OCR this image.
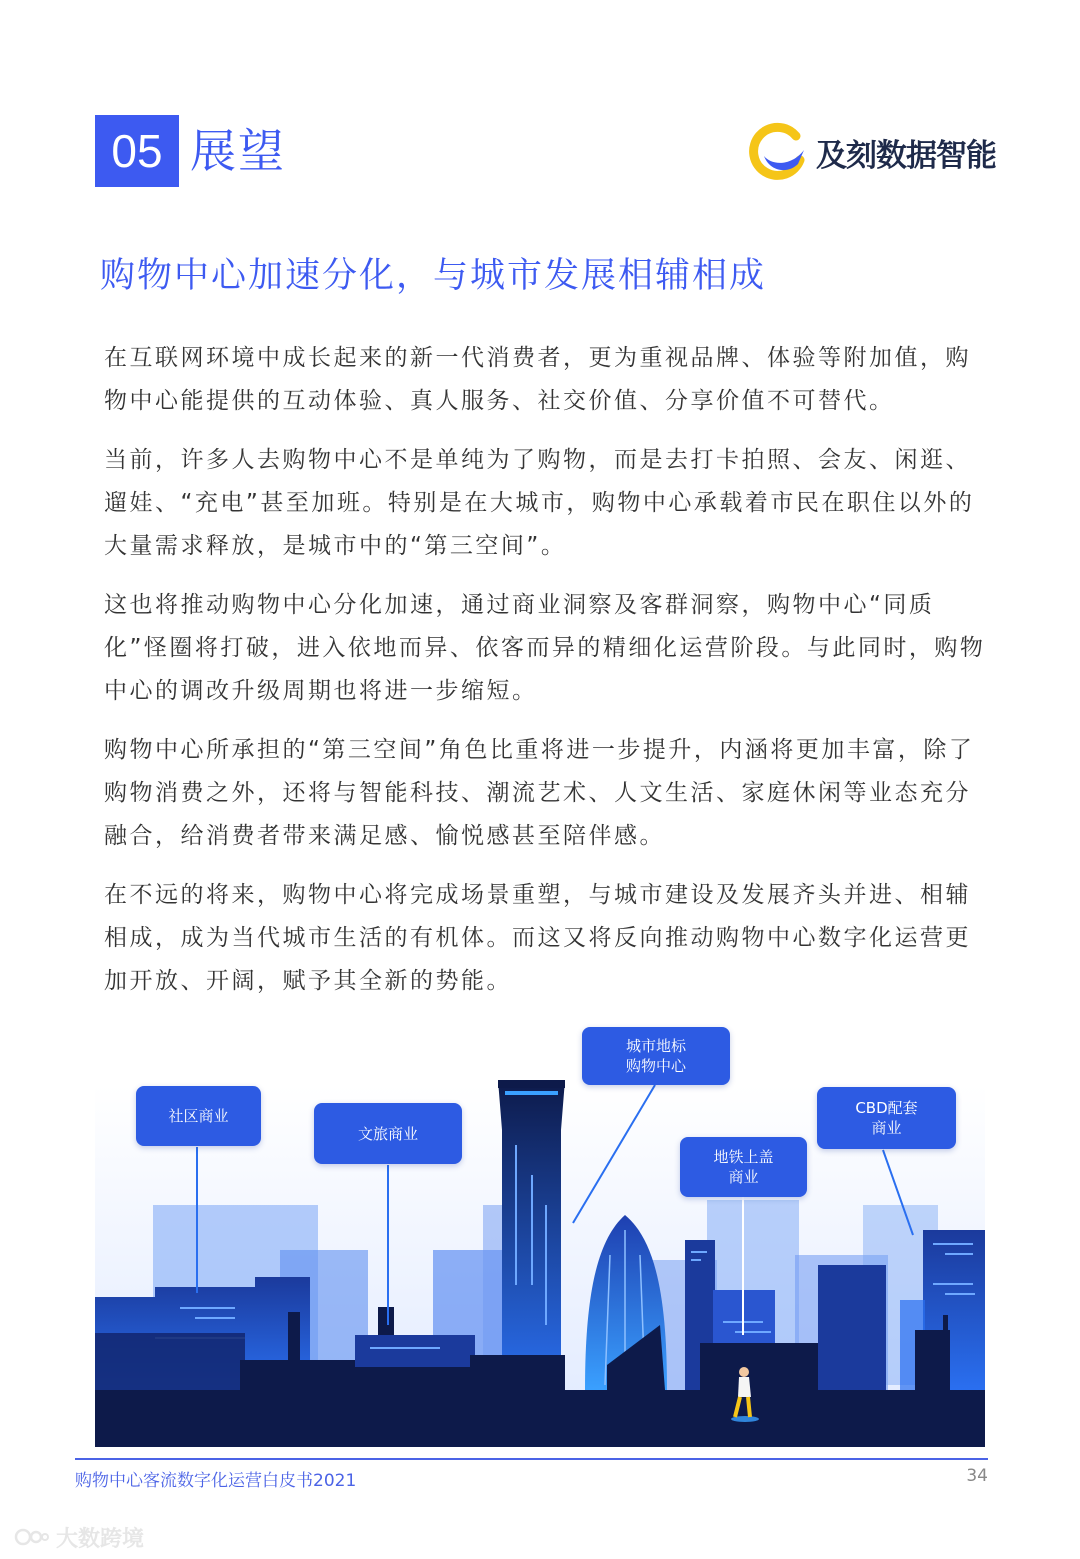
05 展望	及刻数据智能
购物中心加速分化，与城市发展相辅相成

在互联网环境中成长起来的新一代消费者，更为重视品牌、体验等附加值，购物中心能提供的互动体验、真人服务、社交价值、分享价值不可替代。

当前，许多人去购物中心不是单纯为了购物，而是去打卡拍照、会友、闲逛、遛娃、“充电”甚至加班。特别是在大城市，购物中心承载着市民在职住以外的大量需求释放，是城市中的“第三空间”。

这也将推动购物中心分化加速，通过商业洞察及客群洞察，购物中心“同质化”怪圈将打破，进入依地而异、依客而异的精细化运营阶段。与此同时，购物中心的调改升级周期也将进一步缩短。

购物中心所承担的“第三空间”角色比重将进一步提升，内涵将更加丰富，除了购物消费之外，还将与智能科技、潮流艺术、人文生活、家庭休闲等业态充分融合，给消费者带来满足感、愉悦感甚至陪伴感。

在不远的将来，购物中心将完成场景重塑，与城市建设及发展齐头并进、相辅相成，成为当代城市生活的有机体。而这又将反向推动购物中心数字化运营更加开放、开阔，赋予其全新的势能。

社区商业
文旅商业
城市地标
购物中心
地铁上盖
商业
CBD配套
商业
购物中心客流数字化运营白皮书2021	34
大数跨境
